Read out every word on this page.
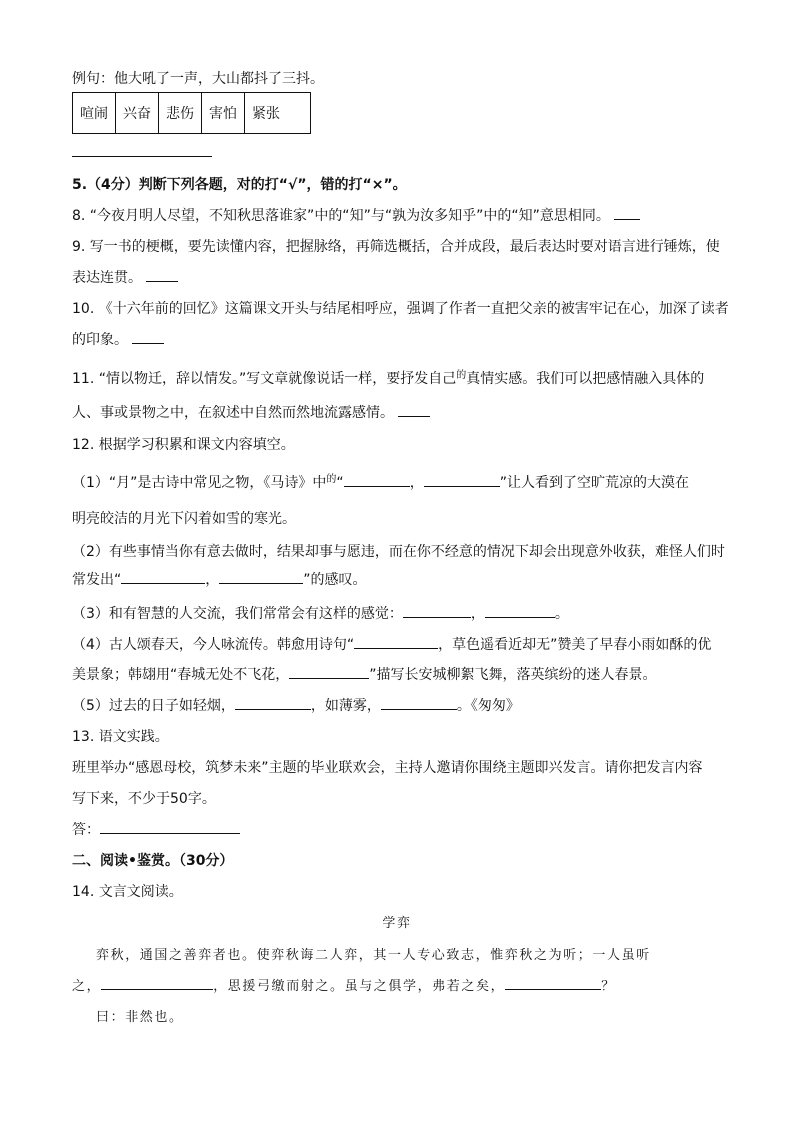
例句：他大吼了一声，大山都抖了三抖。
喧闹	兴奋	悲伤	害怕	紧张
5.（4分）判断下列各题，对的打“√”，错的打“×”。
8. “今夜月明人尽望，不知秋思落谁家”中的“知”与“孰为汝多知乎”中的“知”意思相同。
9. 写一书的梗概，要先读懂内容，把握脉络，再筛选概括，合并成段，最后表达时要对语言进行锤炼，使
表达连贯。
10. 《十六年前的回忆》这篇课文开头与结尾相呼应，强调了作者一直把父亲的被害牢记在心，加深了读者
的印象。
11. “情以物迁，辞以情发。”写文章就像说话一样，要抒发自己$^的$真情实感。我们可以把感情融入具体的
人、事或景物之中，在叙述中自然而然地流露感情。
12. 根据学习积累和课文内容填空。
（1）“月”是古诗中常见之物，《马诗》中$^的$“	，	”让人看到了空旷荒凉的大漠在
明亮皎洁的月光下闪着如雪的寒光。
（2）有些事情当你有意去做时，结果却事与愿违，而在你不经意的情况下却会出现意外收获，难怪人们时
常发出“	，	”的感叹。
（3）和有智慧的人交流，我们常常会有这样的感觉：	，	。
（4）古人颂春天，今人咏流传。韩愈用诗句“	，草色遥看近却无”赞美了早春小雨如酥的优
美景象；韩翃用“春城无处不飞花，	”描写长安城柳絮飞舞，落英缤纷的迷人春景。
（5）过去的日子如轻烟，	，如薄雾，	。《匆匆》
13. 语文实践。
班里举办“感恩母校，筑梦未来”主题的毕业联欢会，主持人邀请你围绕主题即兴发言。请你把发言内容
写下来，不少于50字。
答：
二、阅读•鉴赏。（30分）
14. 文言文阅读。
学弈
弈秋，通国之善弈者也。使弈秋诲二人弈，其一人专心致志，惟弈秋之为听；一人虽听
之，	，思援弓缴而射之。虽与之俱学，弗若之矣，	？
曰：非然也。
